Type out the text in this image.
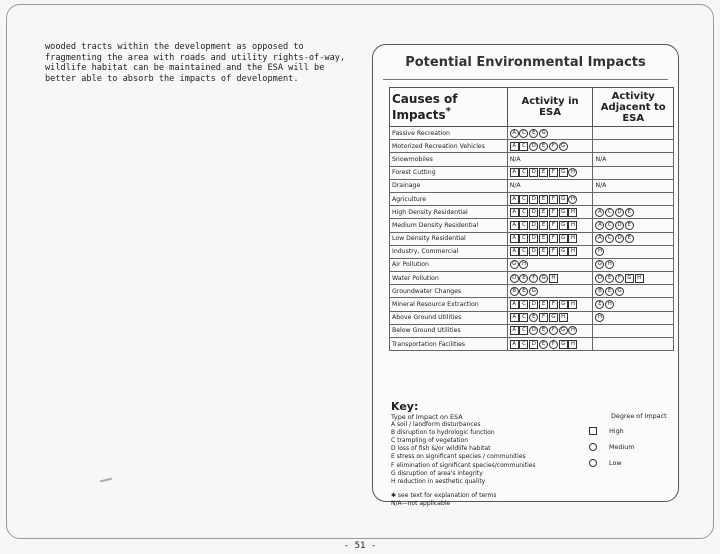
wooded tracts within the development as opposed to
fragmenting the area with roads and utility rights-of-way,
wildlife habitat can be maintained and the ESA will be
better able to absorb the impacts of development.
Potential Environmental Impacts
Causes of Impacts*	Activity in ESA	Activity
Adjacent to ESA
Passive Recreation	A C E G	
Motorized Recreation Vehicles	A C D E F G	
Snowmobiles	N/A	N/A
Forest Cutting	A C D E F G H	
Drainage	N/A	N/A
Agriculture	A C D E F G H	
High Density Residential	A C D E F G H	A C D E
Medium Density Residential	A C D E F G H	A C D E
Low Density Residential	A C D E F G H	A C D E
Industry, Commercial	A C D E F G H	H
Air Pollution	G H	G H
Water Pollution	D E F G H	D E F G H
Groundwater Changes	B E G	B E G
Mineral Resource Extraction	A C D E F G H	E H
Above Ground Utilities	A C E F G H	H
Below Ground Utilities	A C D E F G H	
Transportation Facilities	A C D E F G H	
Key:
Type of Impact on ESA	Degree of Impact
A soil / landform disturbances
B disruption to hydrologic function
C trampling of vegetation
D loss of fish &/or wildlife habitat
E stress on significant species / communities
F elimination of significant species/communities
G disruption of area's integrity
H reduction in aesthetic quality
High
Medium
Low
✱ see text for explanation of terms
N/A—not applicable
- 51 -
